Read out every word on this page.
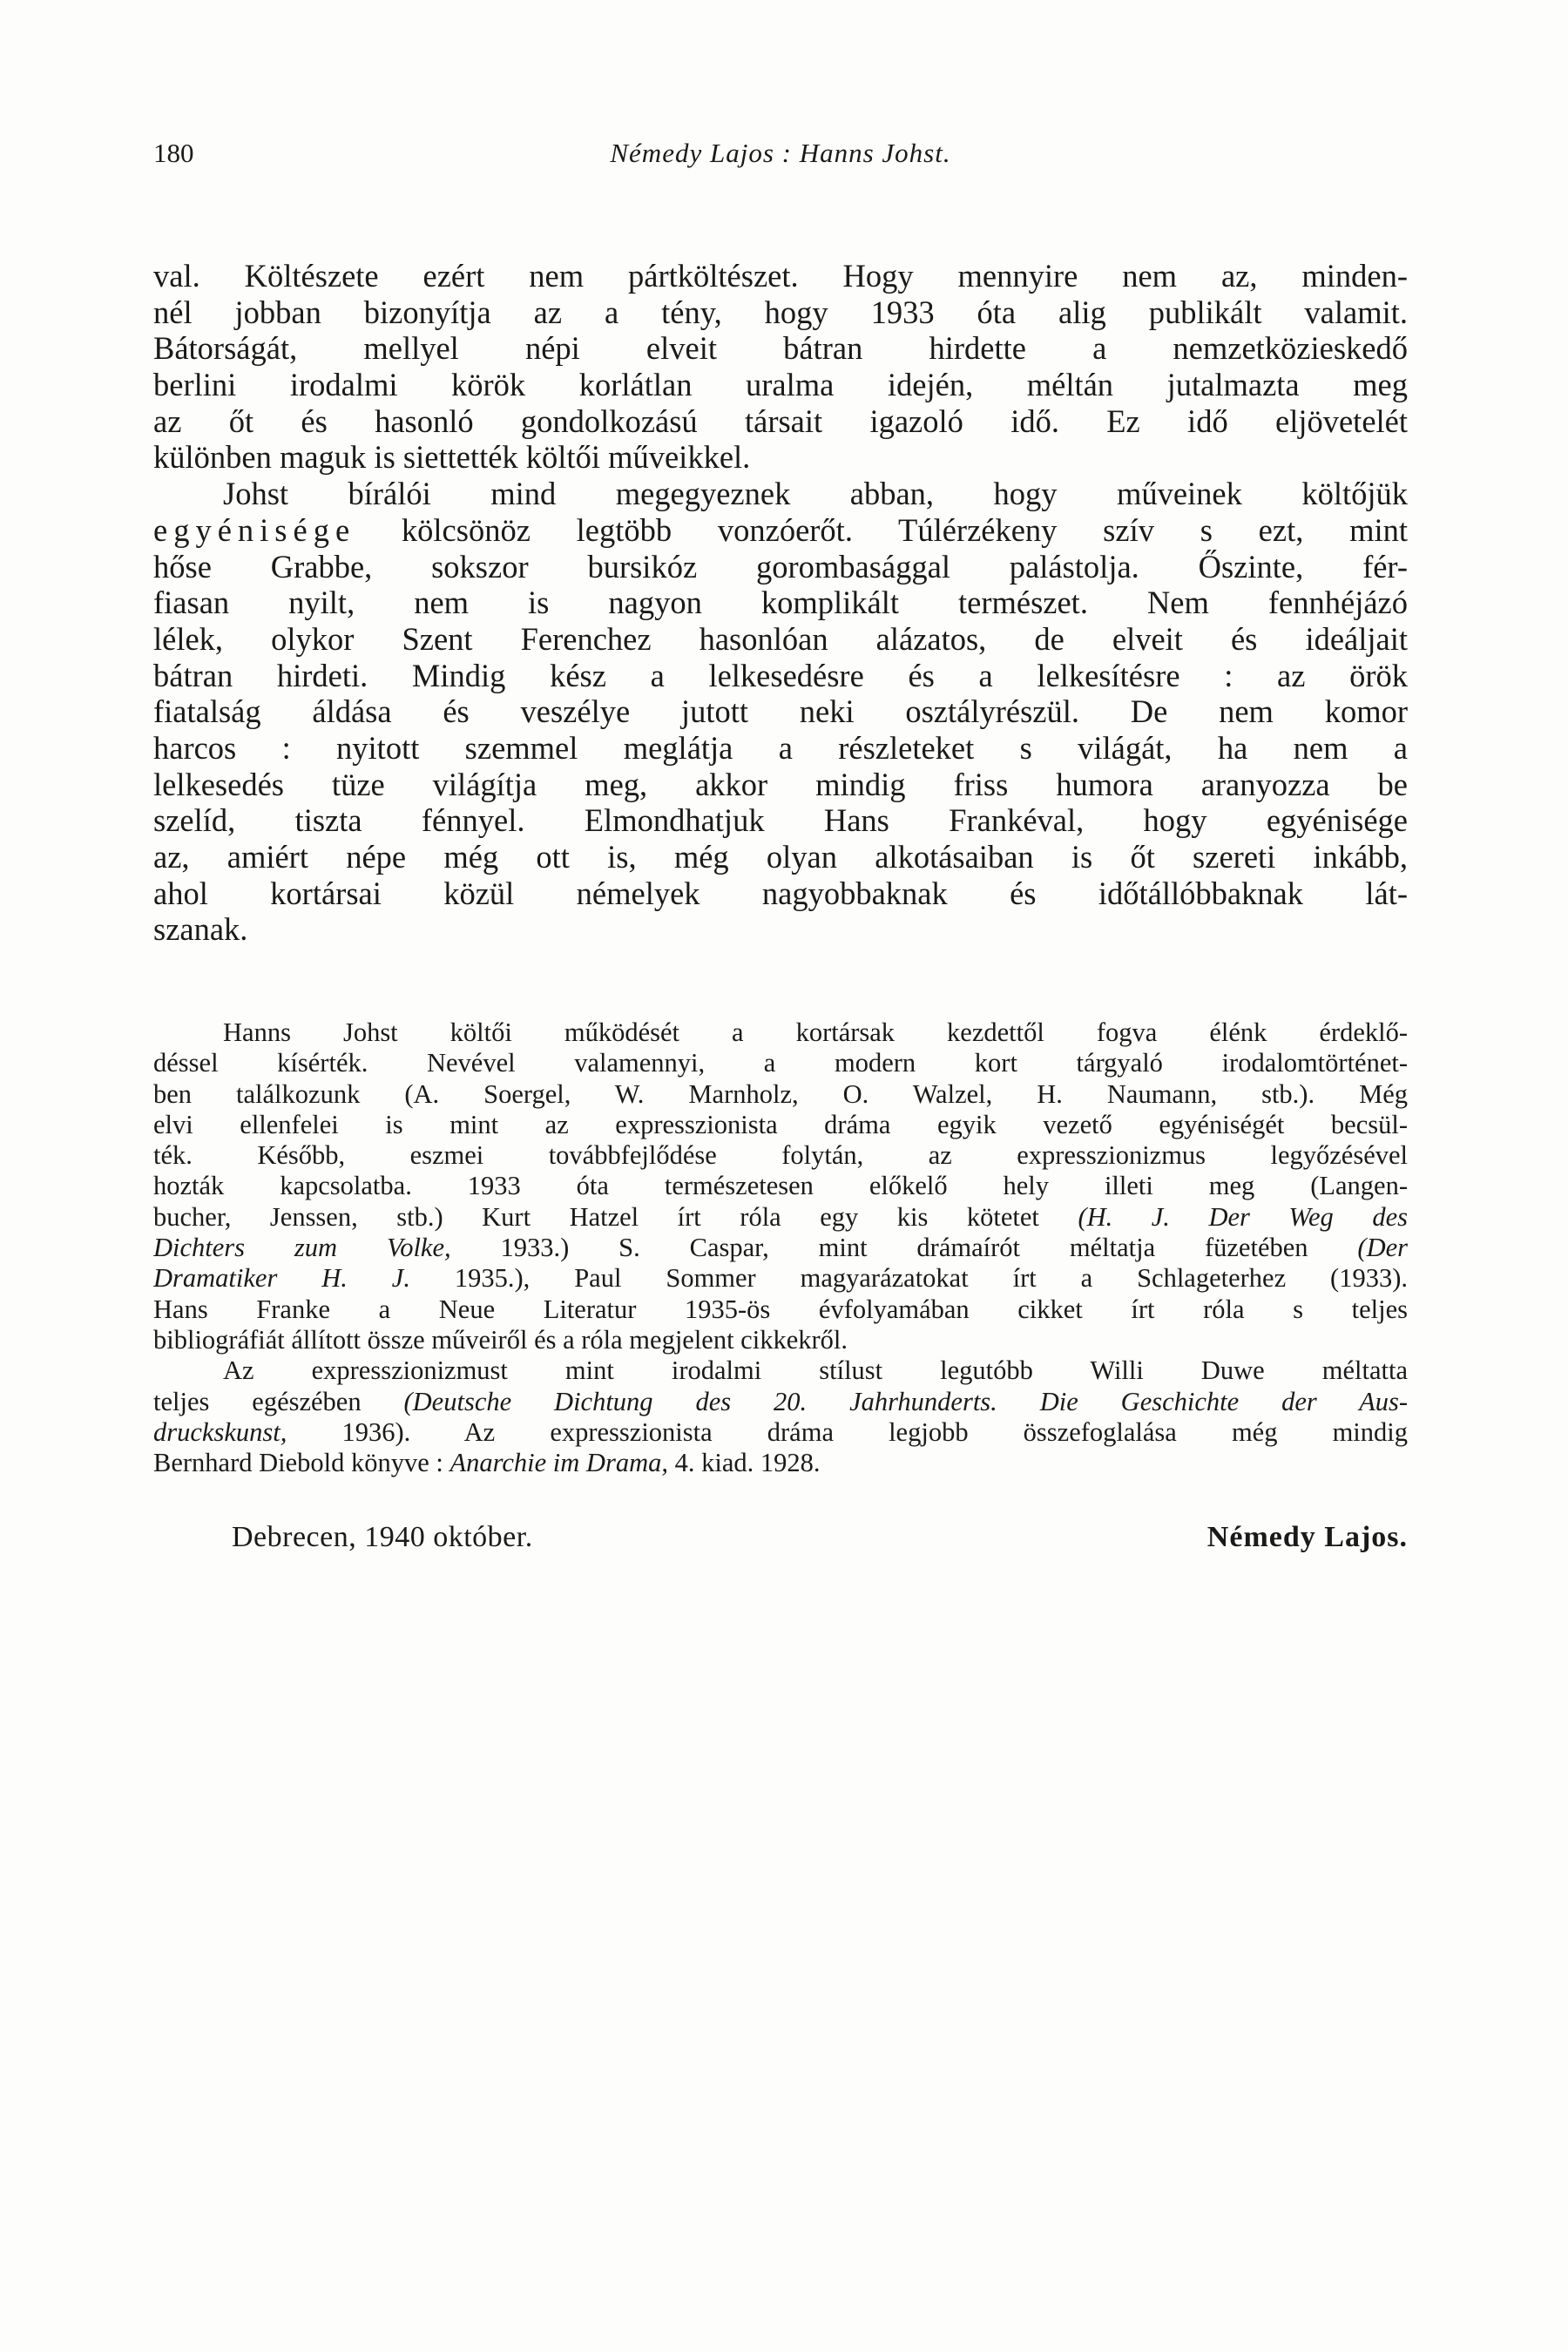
180	Némedy Lajos : Hanns Johst.
val. Költészete ezért nem pártköltészet. Hogy mennyire nem az, minden-
nél jobban bizonyítja az a tény, hogy 1933 óta alig publikált valamit.
Bátorságát, mellyel népi elveit bátran hirdette a nemzetközieskedő
berlini irodalmi körök korlátlan uralma idején, méltán jutalmazta meg
az őt és hasonló gondolkozású társait igazoló idő. Ez idő eljövetelét
különben maguk is siettették költői műveikkel.
Johst bírálói mind megegyeznek abban, hogy műveinek költőjük
egyénisége kölcsönöz legtöbb vonzóerőt. Túlérzékeny szív s ezt, mint
hőse Grabbe, sokszor bursikóz gorombasággal palástolja. Őszinte, fér-
fiasan nyilt, nem is nagyon komplikált természet. Nem fennhéjázó
lélek, olykor Szent Ferenchez hasonlóan alázatos, de elveit és ideáljait
bátran hirdeti. Mindig kész a lelkesedésre és a lelkesítésre : az örök
fiatalság áldása és veszélye jutott neki osztályrészül. De nem komor
harcos : nyitott szemmel meglátja a részleteket s világát, ha nem a
lelkesedés tüze világítja meg, akkor mindig friss humora aranyozza be
szelíd, tiszta fénnyel. Elmondhatjuk Hans Frankéval, hogy egyénisége
az, amiért népe még ott is, még olyan alkotásaiban is őt szereti inkább,
ahol kortársai közül némelyek nagyobbaknak és időtállóbbaknak lát-
szanak.
Hanns Johst költői működését a kortársak kezdettől fogva élénk érdeklő-
déssel kísérték. Nevével valamennyi, a modern kort tárgyaló irodalomtörténet-
ben találkozunk (A. Soergel, W. Marnholz, O. Walzel, H. Naumann, stb.). Még
elvi ellenfelei is mint az expresszionista dráma egyik vezető egyéniségét becsül-
ték. Később, eszmei továbbfejlődése folytán, az expresszionizmus legyőzésével
hozták kapcsolatba. 1933 óta természetesen előkelő hely illeti meg (Langen-
bucher, Jenssen, stb.) Kurt Hatzel írt róla egy kis kötetet (H. J. Der Weg des
Dichters zum Volke, 1933.) S. Caspar, mint drámaírót méltatja füzetében (Der
Dramatiker H. J. 1935.), Paul Sommer magyarázatokat írt a Schlageterhez (1933).
Hans Franke a Neue Literatur 1935-ös évfolyamában cikket írt róla s teljes
bibliográfiát állított össze műveiről és a róla megjelent cikkekről.
Az expresszionizmust mint irodalmi stílust legutóbb Willi Duwe méltatta
teljes egészében (Deutsche Dichtung des 20. Jahrhunderts. Die Geschichte der Aus-
druckskunst, 1936). Az expresszionista dráma legjobb összefoglalása még mindig
Bernhard Diebold könyve : Anarchie im Drama, 4. kiad. 1928.
Debrecen, 1940 október.	Némedy Lajos.
